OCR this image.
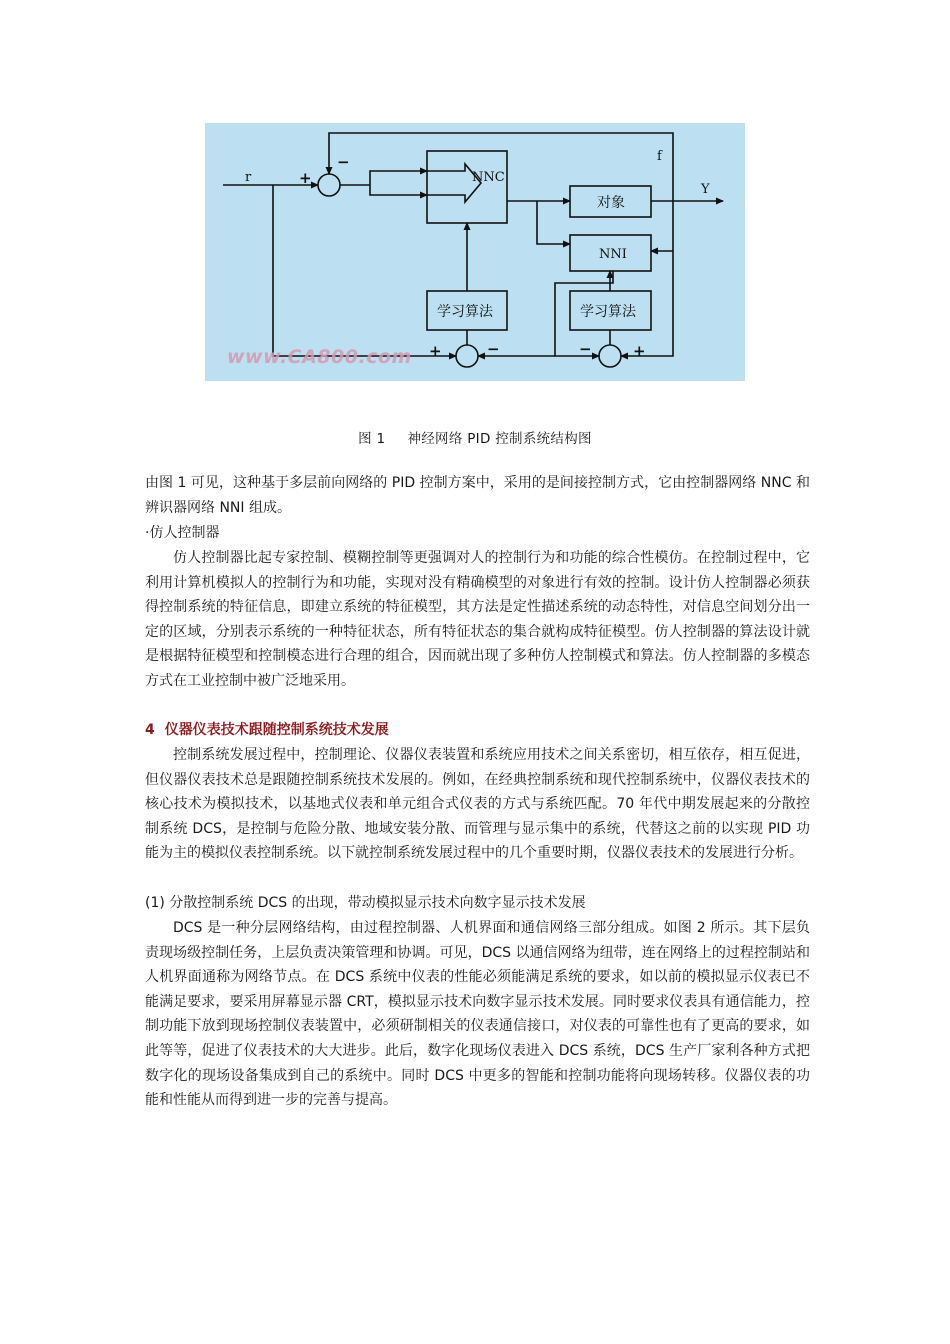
www.CA800.com
r
f
Y
NNC
NNI
对象
学习算法	学习算法
−
+
+	−	−	+
图 1 神经网络 PID 控制系统结构图
由图 1 可见，这种基于多层前向网络的 PID 控制方案中，采用的是间接控制方式，它由控制器网络 NNC 和辨识器网络 NNI 组成。
·仿人控制器
仿人控制器比起专家控制、模糊控制等更强调对人的控制行为和功能的综合性模仿。在控制过程中，它利用计算机模拟人的控制行为和功能，实现对没有精确模型的对象进行有效的控制。设计仿人控制器必须获得控制系统的特征信息，即建立系统的特征模型，其方法是定性描述系统的动态特性，对信息空间划分出一定的区域，分别表示系统的一种特征状态，所有特征状态的集合就构成特征模型。仿人控制器的算法设计就是根据特征模型和控制模态进行合理的组合，因而就出现了多种仿人控制模式和算法。仿人控制器的多模态方式在工业控制中被广泛地采用。
4 仪器仪表技术跟随控制系统技术发展
控制系统发展过程中，控制理论、仪器仪表装置和系统应用技术之间关系密切，相互依存，相互促进，但仪器仪表技术总是跟随控制系统技术发展的。例如，在经典控制系统和现代控制系统中，仪器仪表技术的核心技术为模拟技术，以基地式仪表和单元组合式仪表的方式与系统匹配。70 年代中期发展起来的分散控制系统 DCS，是控制与危险分散、地域安装分散、而管理与显示集中的系统，代替这之前的以实现 PID 功能为主的模拟仪表控制系统。以下就控制系统发展过程中的几个重要时期，仪器仪表技术的发展进行分析。
(1) 分散控制系统 DCS 的出现，带动模拟显示技术向数字显示技术发展
DCS 是一种分层网络结构，由过程控制器、人机界面和通信网络三部分组成。如图 2 所示。其下层负责现场级控制任务，上层负责决策管理和协调。可见，DCS 以通信网络为纽带，连在网络上的过程控制站和人机界面通称为网络节点。在 DCS 系统中仪表的性能必须能满足系统的要求，如以前的模拟显示仪表已不能满足要求，要采用屏幕显示器 CRT，模拟显示技术向数字显示技术发展。同时要求仪表具有通信能力，控制功能下放到现场控制仪表装置中，必须研制相关的仪表通信接口，对仪表的可靠性也有了更高的要求，如此等等，促进了仪表技术的大大进步。此后，数字化现场仪表进入 DCS 系统，DCS 生产厂家利各种方式把数字化的现场设备集成到自己的系统中。同时 DCS 中更多的智能和控制功能将向现场转移。仪器仪表的功能和性能从而得到进一步的完善与提高。
